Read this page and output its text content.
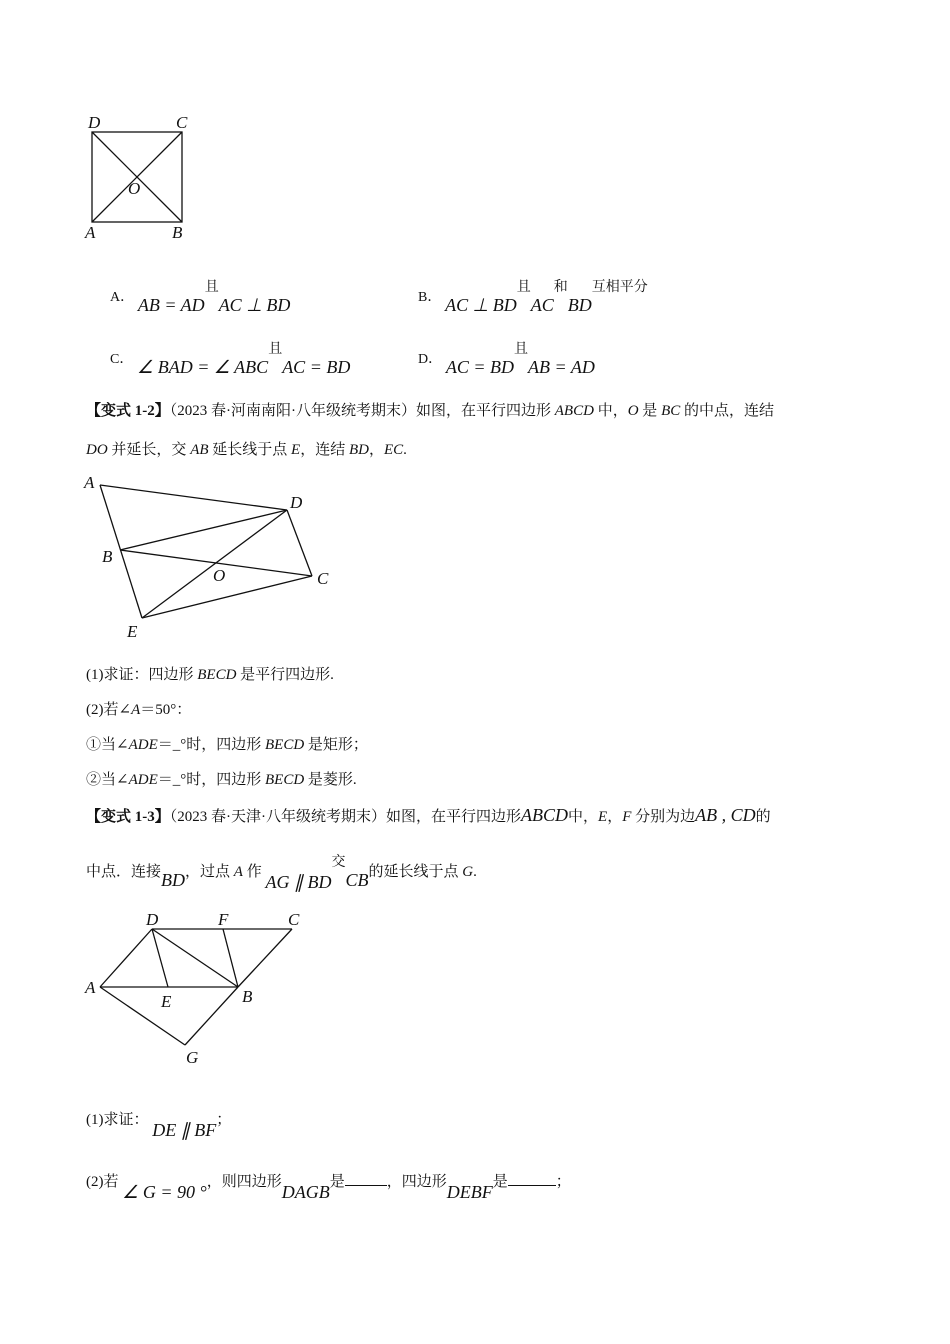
D	C
O
A	B
A． AB = AD且AC ⊥ BD	B． AC ⊥ BD且AC和BD互相平分
C． ∠ BAD = ∠ ABC且AC = BD	D． AC = BD且AB = AD
【变式 1-2】（2023 春·河南南阳·八年级统考期末）如图，在平行四边形 ABCD 中，O 是 BC 的中点，连结
DO 并延长，交 AB 延长线于点 E，连结 BD，EC.
A
D
B
O	C
E
(1)求证：四边形 BECD 是平行四边形.
(2)若∠A＝50°：
①当∠ADE＝_°时，四边形 BECD 是矩形；
②当∠ADE＝_°时，四边形 BECD 是菱形.
【变式 1-3】（2023 春·天津·八年级统考期末）如图，在平行四边形ABCD中，E，F 分别为边AB , CD的
中点．连接BD，过点 A 作 AG ∥ BD交CB的延长线于点 G.
D	F	C
A
E	B
G
(1)求证： DE ∥ BF；
(2)若 ∠ G = 90 °，则四边形DAGB是	，四边形DEBF是	；
